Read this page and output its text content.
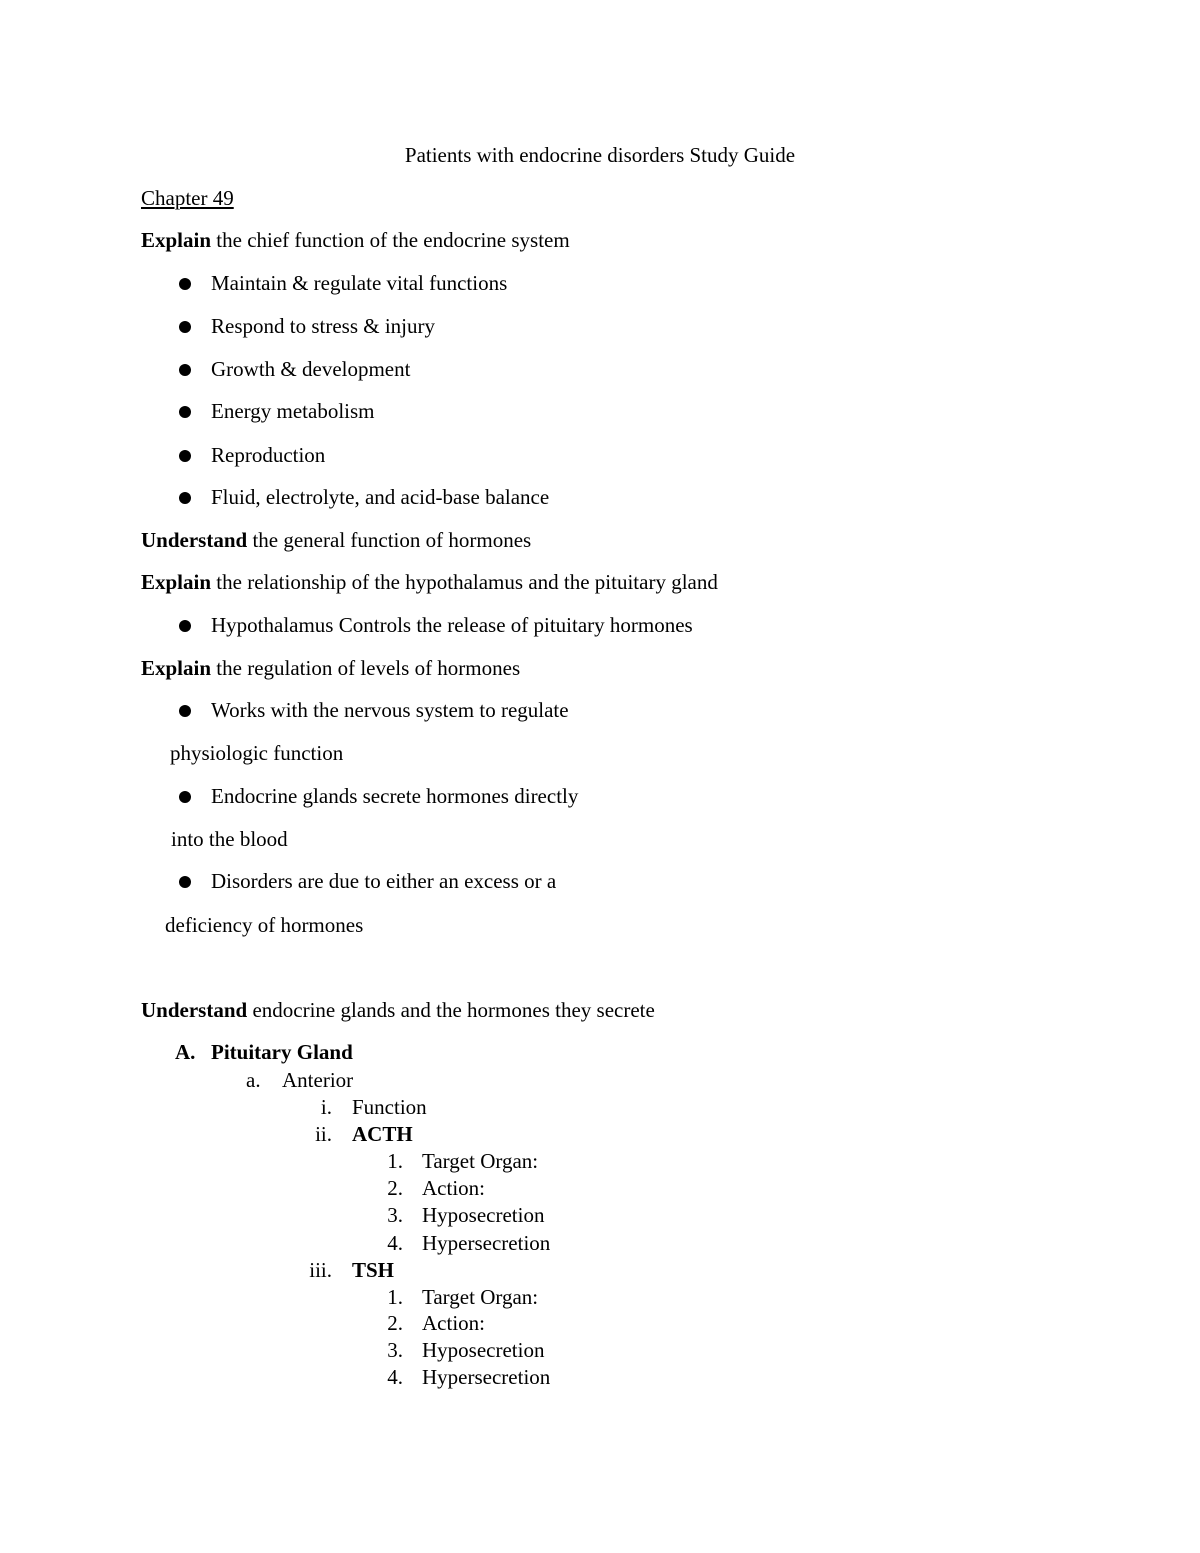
Patients with endocrine disorders Study Guide
Chapter 49
Explain the chief function of the endocrine system
Maintain & regulate vital functions
Respond to stress & injury
Growth & development
Energy metabolism
Reproduction
Fluid, electrolyte, and acid-base balance
Understand the general function of hormones
Explain the relationship of the hypothalamus and the pituitary gland
Hypothalamus Controls the release of pituitary hormones
Explain the regulation of levels of hormones
Works with the nervous system to regulate
physiologic function
Endocrine glands secrete hormones directly
into the blood
Disorders are due to either an excess or a
deficiency of hormones
Understand endocrine glands and the hormones they secrete
A. Pituitary Gland
a. Anterior
i. Function
ii. ACTH
1. Target Organ:
2. Action:
3. Hyposecretion
4. Hypersecretion
iii. TSH
1. Target Organ:
2. Action:
3. Hyposecretion
4. Hypersecretion
